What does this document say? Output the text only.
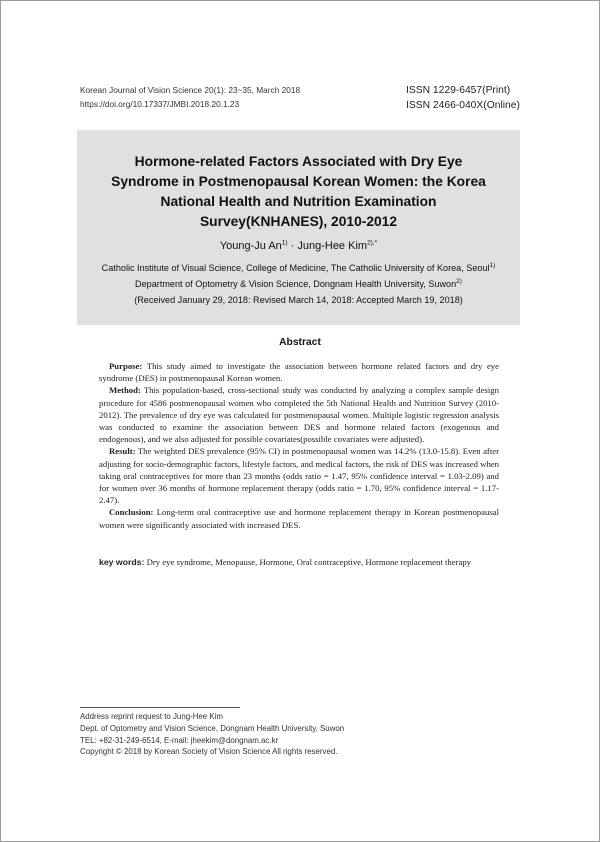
Korean Journal of Vision Science 20(1): 23~35, March 2018
https://doi.org/10.17337/JMBI.2018.20.1.23
ISSN 1229-6457(Print)
ISSN 2466-040X(Online)
Hormone-related Factors Associated with Dry Eye
Syndrome in Postmenopausal Korean Women: the Korea
National Health and Nutrition Examination
Survey(KNHANES), 2010-2012
Young-Ju $An^{1)}$ · Jung-Hee Kim$^{2),*}$
Catholic Institute of Visual Science, College of Medicine, The Catholic University of Korea, Seoul$^{1)}$
Department of Optometry & Vision Science, Dongnam Health University, Suwon$^{2)}$
(Received January 29, 2018: Revised March 14, 2018: Accepted March 19, 2018)
Abstract

Purpose: This study aimed to investigate the association between hormone related factors and dry eye syndrome (DES) in postmenopausal Korean women.

Method: This population-based, cross-sectional study was conducted by analyzing a complex sample design procedure for 4586 postmenopausal women who completed the 5th National Health and Nutrition Survey (2010-2012). The prevalence of dry eye was calculated for postmenopausal women. Multiple logistic regression analysis was conducted to examine the association between DES and hormone related factors (exogenous and endogenous), and we also adjusted for possible covariates(possible covariates were adjusted).

Result: The weighted DES prevalence (95% CI) in postmenopausal women was 14.2% (13.0-15.8). Even after adjusting for socio-demographic factors, lifestyle factors, and medical factors, the risk of DES was increased when taking oral contraceptives for more than 23 months (odds ratio = 1.47, 95% confidence interval = 1.03-2.09) and for women over 36 months of hormone replacement therapy (odds ratio = 1.70, 95% confidence interval = 1.17-2.47).

Conclusion: Long-term oral contraceptive use and hormone replacement therapy in Korean postmenopausal women were significantly associated with increased DES.

key words: Dry eye syndrome, Menopause, Hormone, Oral contraceptive, Hormone replacement therapy
Address reprint request to Jung-Hee Kim
Dept. of Optometry and Vision Science, Dongnam Health University, Suwon
TEL: +82-31-249-6514, E-mail: jheekim@dongnam.ac.kr
Copyright © 2018 by Korean Society of Vision Science All rights reserved.
